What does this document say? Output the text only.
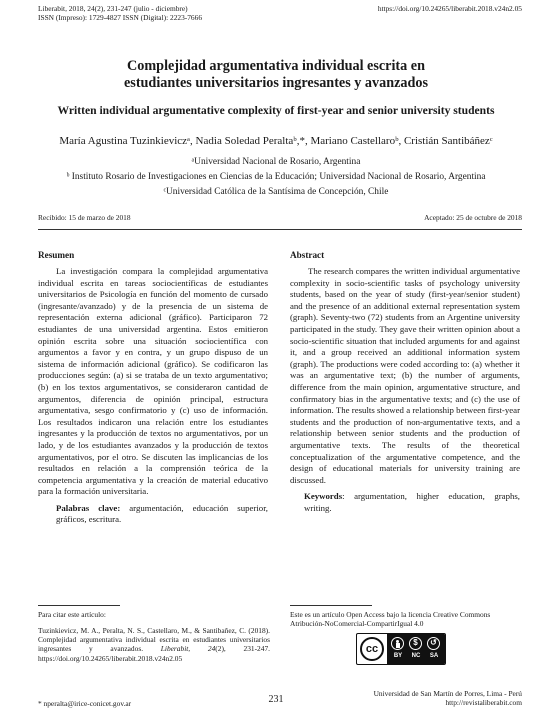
Liberabit, 2018, 24(2), 231-247 (julio - diciembre)
ISSN (Impreso): 1729-4827 ISSN (Digital): 2223-7666
https://doi.org/10.24265/liberabit.2018.v24n2.05
Complejidad argumentativa individual escrita en
estudiantes universitarios ingresantes y avanzados
Written individual argumentative complexity of first-year and senior university students
María Agustina Tuzinkieviczᵃ, Nadia Soledad Peraltaᵇ,*, Mariano Castellaroᵇ, Cristián Santibáñezᶜ
ᵃUniversidad Nacional de Rosario, Argentina
ᵇ Instituto Rosario de Investigaciones en Ciencias de la Educación; Universidad Nacional de Rosario, Argentina
ᶜUniversidad Católica de la Santísima de Concepción, Chile
Recibido: 15 de marzo de 2018	Aceptado: 25 de octubre de 2018
Resumen

La investigación compara la complejidad argumentativa individual escrita en tareas sociocientíficas de estudiantes universitarios de Psicología en función del momento de cursado (ingresante/avanzado) y de la presencia de un sistema de representación externa adicional (gráfico). Participaron 72 estudiantes de una universidad argentina. Estos emitieron opinión escrita sobre una situación sociocientífica con argumentos a favor y en contra, y un grupo dispuso de un sistema de información adicional (gráfico). Se codificaron las producciones según: (a) si se trataba de un texto argumentativo; (b) en los textos argumentativos, se consideraron cantidad de argumentos, diferencia de opinión principal, estructura argumentativa, sesgo confirmatorio y (c) uso de información. Los resultados indicaron una relación entre los estudiantes ingresantes y la producción de textos no argumentativos, por un lado, y de los estudiantes avanzados y la producción de textos argumentativos, por el otro. Se discuten las implicancias de los resultados en relación a la comprensión teórica de la competencia argumentativa y la creación de material educativo para la formación universitaria.

Palabras clave: argumentación, educación superior, gráficos, escritura.

Abstract

The research compares the written individual argumentative complexity in socio-scientific tasks of psychology university students, based on the year of study (first-year/senior student) and the presence of an additional external representation system (graph). Seventy-two (72) students from an Argentine university participated in the study. They gave their written opinion about a socio-scientific situation that included arguments for and against it, and a group received an additional information system (graph). The productions were coded according to: (a) whether it was an argumentative text; (b) the number of arguments, difference from the main opinion, argumentative structure, and confirmatory bias in the argumentative texts; and (c) the use of information. The results showed a relationship between first-year students and the production of non-argumentative texts, and a relationship between senior students and the production of argumentative texts. The results of the theoretical conceptualization of the argumentative competence, and the design of educational materials for university training are discussed.

Keywords: argumentation, higher education, graphs, writing.

Para citar este artículo:
Tuzinkievicz, M. A., Peralta, N. S., Castellaro, M., & Santibañez, C. (2018). Complejidad argumentativa individual escrita en estudiantes universitarios ingresantes y avanzados. Liberabit, 24(2), 231-247. https://doi.org/10.24265/liberabit.2018.v24n2.05
Este es un artículo Open Access bajo la licencia Creative Commons
Atribución-NoComercial-CompartirIgual 4.0
cc
$	↺
BY	NC	SA
* nperalta@irice-conicet.gov.ar	231
Universidad de San Martín de Porres, Lima - Perú
http://revistaliberabit.com
